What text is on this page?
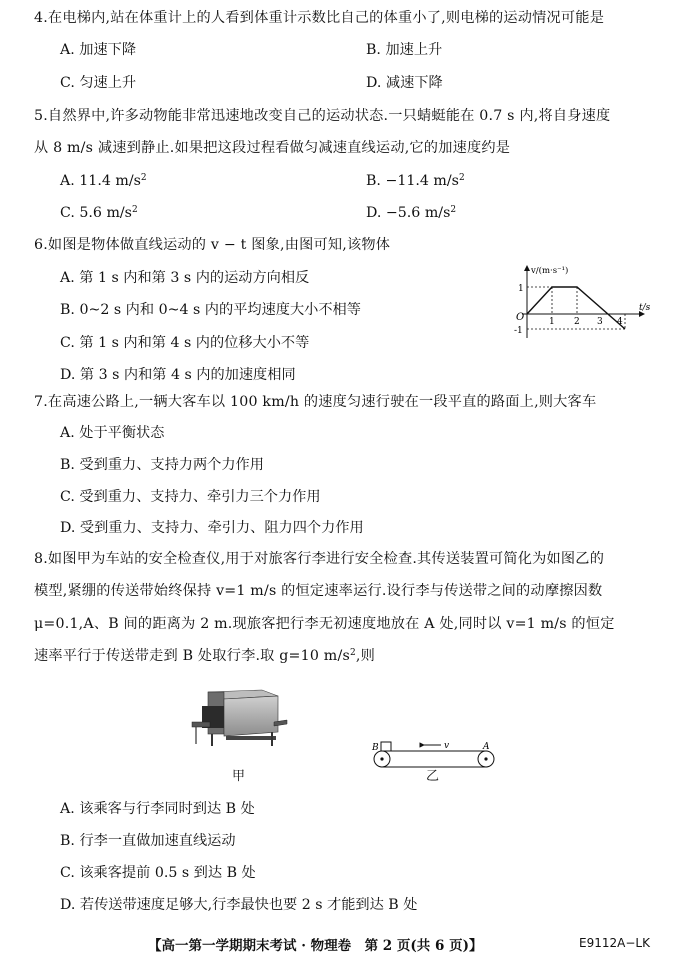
4.在电梯内,站在体重计上的人看到体重计示数比自己的体重小了,则电梯的运动情况可能是
A. 加速下降	B. 加速上升
C. 匀速上升	D. 减速下降
5.自然界中,许多动物能非常迅速地改变自己的运动状态.一只蜻蜓能在 0.7 s 内,将自身速度
从 8 m/s 减速到静止.如果把这段过程看做匀减速直线运动,它的加速度约是
A. 11.4 $m/s^2$	B. −11.4 $m/s^2$
C. 5.6 $m/s^2$	D. −5.6 $m/s^2$
6.如图是物体做直线运动的 v − t 图象,由图可知,该物体
A. 第 1 s 内和第 3 s 内的运动方向相反
B. 0~2 s 内和 0~4 s 内的平均速度大小不相等
C. 第 1 s 内和第 4 s 内的位移大小不等
D. 第 3 s 内和第 4 s 内的加速度相同
v/(m·s⁻¹)
t/s
O
1
-1
1 2 3 4
7.在高速公路上,一辆大客车以 100 km/h 的速度匀速行驶在一段平直的路面上,则大客车
A. 处于平衡状态
B. 受到重力、支持力两个力作用
C. 受到重力、支持力、牵引力三个力作用
D. 受到重力、支持力、牵引力、阻力四个力作用
8.如图甲为车站的安全检查仪,用于对旅客行李进行安全检查.其传送装置可简化为如图乙的
模型,紧绷的传送带始终保持 v=1 m/s 的恒定速率运行.设行李与传送带之间的动摩擦因数
μ=0.1,A、B 间的距离为 2 m.现旅客把行李无初速度地放在 A 处,同时以 v=1 m/s 的恒定
速率平行于传送带走到 B 处取行李.取 g=10 $m/s^2$,则
甲
B	v	A
乙
A. 该乘客与行李同时到达 B 处
B. 行李一直做加速直线运动
C. 该乘客提前 0.5 s 到达 B 处
D. 若传送带速度足够大,行李最快也要 2 s 才能到达 B 处
【高一第一学期期末考试 · 物理卷　第 2 页(共 6 页)】	E9112A−LK
